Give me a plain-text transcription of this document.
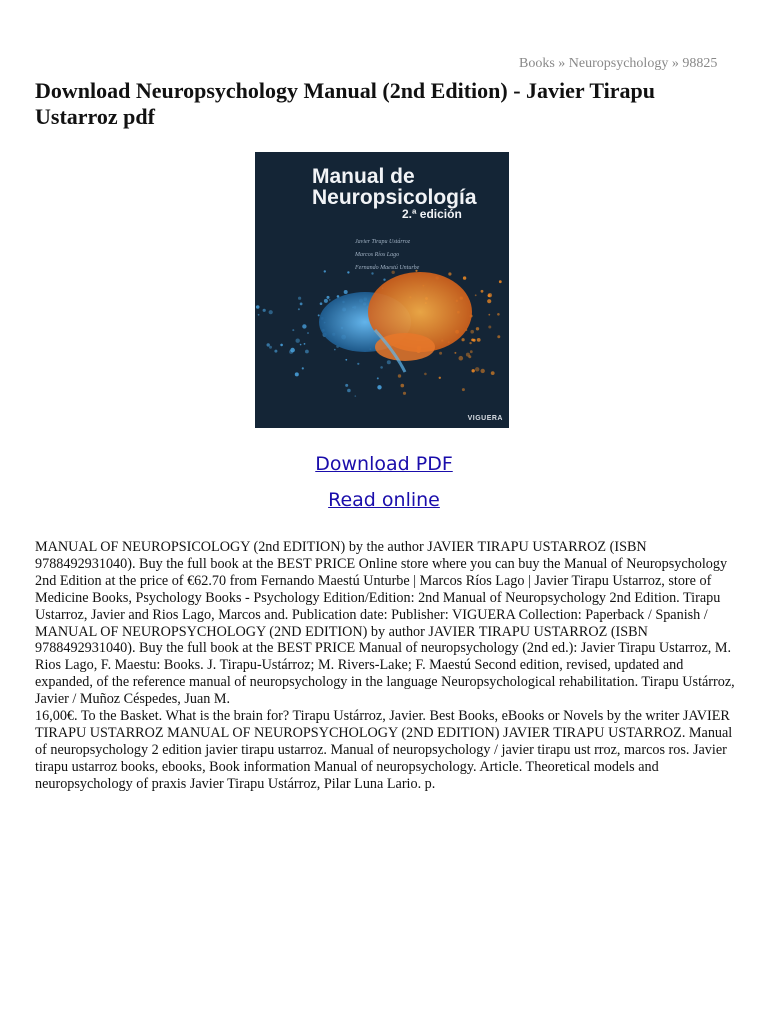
Books » Neuropsychology » 98825
Download Neuropsychology Manual (2nd Edition) - Javier Tirapu Ustarroz pdf
Manual de
Neuropsicología
2.ª edición
Javier Tirapu Ustárroz
Marcos Ríos Lago
Fernando Maestú Unturbe
VIGUERA
Download PDF
Read online

MANUAL OF NEUROPSICOLOGY (2nd EDITION) by the author JAVIER TIRAPU USTARROZ (ISBN 9788492931040). Buy the full book at the BEST PRICE Online store where you can buy the Manual of Neuropsychology 2nd Edition at the price of €62.70 from Fernando Maestú Unturbe | Marcos Ríos Lago | Javier Tirapu Ustarroz, store of Medicine Books, Psychology Books - Psychology Edition/Edition: 2nd Manual of Neuropsychology 2nd Edition. Tirapu Ustarroz, Javier and Rios Lago, Marcos and. Publication date: Publisher: VIGUERA Collection: Paperback / Spanish / MANUAL OF NEUROPSYCHOLOGY (2ND EDITION) by author JAVIER TIRAPU USTARROZ (ISBN 9788492931040). Buy the full book at the BEST PRICE Manual of neuropsychology (2nd ed.): Javier Tirapu Ustarroz, M. Rios Lago, F. Maestu: Books. J. Tirapu-Ustárroz; M. Rivers-Lake; F. Maestú Second edition, revised, updated and expanded, of the reference manual of neuropsychology in the language Neuropsychological rehabilitation. Tirapu Ustárroz, Javier / Muñoz Céspedes, Juan M.

16,00€. To the Basket. What is the brain for? Tirapu Ustárroz, Javier. Best Books, eBooks or Novels by the writer JAVIER TIRAPU USTARROZ MANUAL OF NEUROPSYCHOLOGY (2ND EDITION) JAVIER TIRAPU USTARROZ. Manual of neuropsychology 2 edition javier tirapu ustarroz. Manual of neuropsychology / javier tirapu ust rroz, marcos ros. Javier tirapu ustarroz books, ebooks, Book information Manual of neuropsychology. Article. Theoretical models and neuropsychology of praxis Javier Tirapu Ustárroz, Pilar Luna Lario. p.
